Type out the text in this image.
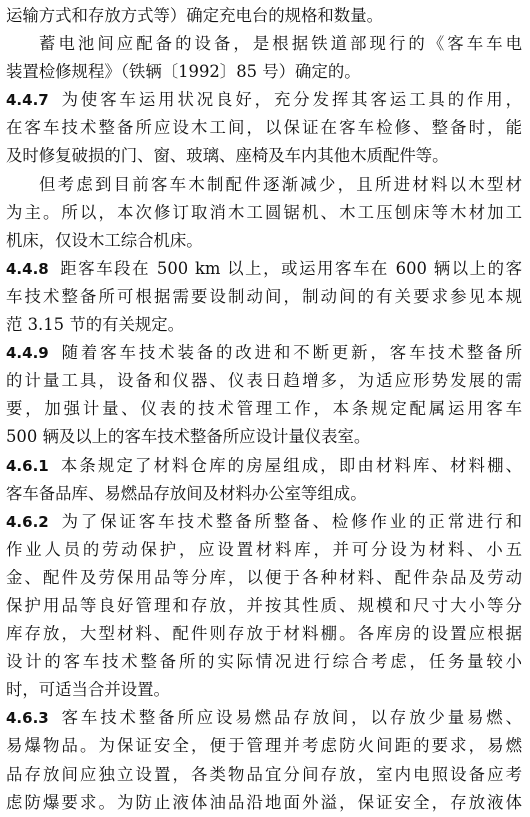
运输方式和存放方式等）确定充电台的规格和数量。
蓄电池间应配备的设备，是根据铁道部现行的《客车车电
装置检修规程》（铁辆〔1992〕85 号）确定的。
4.4.7 为使客车运用状况良好，充分发挥其客运工具的作用，
在客车技术整备所应设木工间，以保证在客车检修、整备时，能
及时修复破损的门、窗、玻璃、座椅及车内其他木质配件等。
但考虑到目前客车木制配件逐渐减少，且所进材料以木型材
为主。所以，本次修订取消木工圆锯机、木工压刨床等木材加工
机床，仅设木工综合机床。
4.4.8 距客车段在 500 km 以上，或运用客车在 600 辆以上的客
车技术整备所可根据需要设制动间，制动间的有关要求参见本规
范 3.15 节的有关规定。
4.4.9 随着客车技术装备的改进和不断更新，客车技术整备所
的计量工具，设备和仪器、仪表日趋增多，为适应形势发展的需
要，加强计量、仪表的技术管理工作，本条规定配属运用客车
500 辆及以上的客车技术整备所应设计量仪表室。
4.6.1 本条规定了材料仓库的房屋组成，即由材料库、材料棚、
客车备品库、易燃品存放间及材料办公室等组成。
4.6.2 为了保证客车技术整备所整备、检修作业的正常进行和
作业人员的劳动保护，应设置材料库，并可分设为材料、小五
金、配件及劳保用品等分库，以便于各种材料、配件杂品及劳动
保护用品等良好管理和存放，并按其性质、规模和尺寸大小等分
库存放，大型材料、配件则存放于材料棚。各库房的设置应根据
设计的客车技术整备所的实际情况进行综合考虑，任务量较小
时，可适当合并设置。
4.6.3 客车技术整备所应设易燃品存放间，以存放少量易燃、
易爆物品。为保证安全，便于管理并考虑防火间距的要求，易燃
品存放间应独立设置，各类物品宜分间存放，室内电照设备应考
虑防爆要求。为防止液体油品沿地面外溢，保证安全，存放液体
